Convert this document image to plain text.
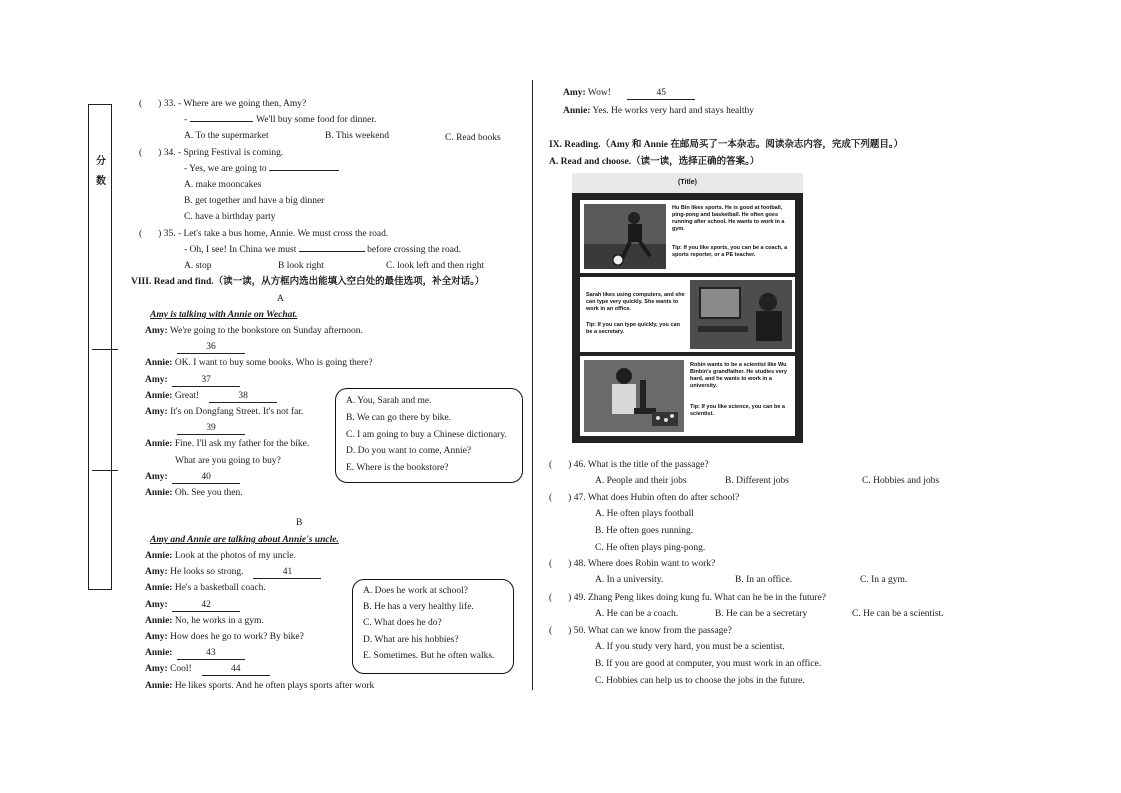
分
数
( ) 33. - Where are we going then, Amy?
-	. We'll buy some food for dinner.
A. To the supermarket	B. This weekend	C. Read books
( ) 34. - Spring Festival is coming.
- Yes, we are going to
A. make mooncakes
B. get together and have a big dinner
C. have a birthday party
( ) 35. - Let's take a bus home, Annie. We must cross the road.
- Oh, I see! In China we must	before crossing the road.
A. stop	B look right	C. look left and then right
VIII. Read and find.（读一读，从方框内选出能填入空白处的最佳选项，补全对话。）
A
Amy is talking with Annie on Wechat.
Amy: We're going to the bookstore on Sunday afternoon.
36
Annie: OK. I want to buy some books. Who is going there?
Amy:	37
Annie: Great!	38
Amy: It's on Dongfang Street. It's not far.
39
Annie: Fine. I'll ask my father for the bike.
What are you going to buy?
Amy:	40
Annie: Oh. See you then.
A. You, Sarah and me.
B. We can go there by bike.
C. I am going to buy a Chinese dictionary.
D. Do you want to come, Annie?
E. Where is the bookstore?
B
Amy and Annie are talking about Annie's uncle.
Annie: Look at the photos of my uncle.
Amy: He looks so strong.	41
Annie: He's a basketball coach.
Amy:	42
Annie: No, he works in a gym.
Amy: How does he go to work? By bike?
Annie:	43
Amy: Cool!	44
Annie: He likes sports. And he often plays sports after work
A. Does he work at school?
B. He has a very healthy life.
C. What does he do?
D. What are his hobbies?
E. Sometimes. But he often walks.
Amy: Wow!	45
Annie: Yes. He works very hard and stays healthy
IX. Reading.（Amy 和 Annie 在邮局买了一本杂志。阅读杂志内容，完成下列题目。）
A. Read and choose.（读一读，选择正确的答案。）
(Title)
Hu Bin likes sports. He is good at football, ping-pong and basketball. He often goes running after school. He wants to work in a gym.
Tip: If you like sports, you can be a coach, a sports reporter, or a PE teacher.
Sarah likes using computers, and she can type very quickly. She wants to work in an office.
Tip: If you can type quickly, you can be a secretary.
Robin wants to be a scientist like Wu Binbin's grandfather. He studies very hard, and he wants to work in a university.
Tip: If you like science, you can be a scientist.
( ) 46. What is the title of the passage?
A. People and their jobs	B. Different jobs	C. Hobbies and jobs
( ) 47. What does Hubin often do after school?
A. He often plays football
B. He often goes running.
C. He often plays ping-pong.
( ) 48. Where does Robin want to work?
A. In a university.	B. In an office.	C. In a gym.
( ) 49. Zhang Peng likes doing kung fu. What can he be in the future?
A. He can be a coach.	B. He can be a secretary	C. He can be a scientist.
( ) 50. What can we know from the passage?
A. If you study very hard, you must be a scientist.
B. If you are good at computer, you must work in an office.
C. Hobbies can help us to choose the jobs in the future.
